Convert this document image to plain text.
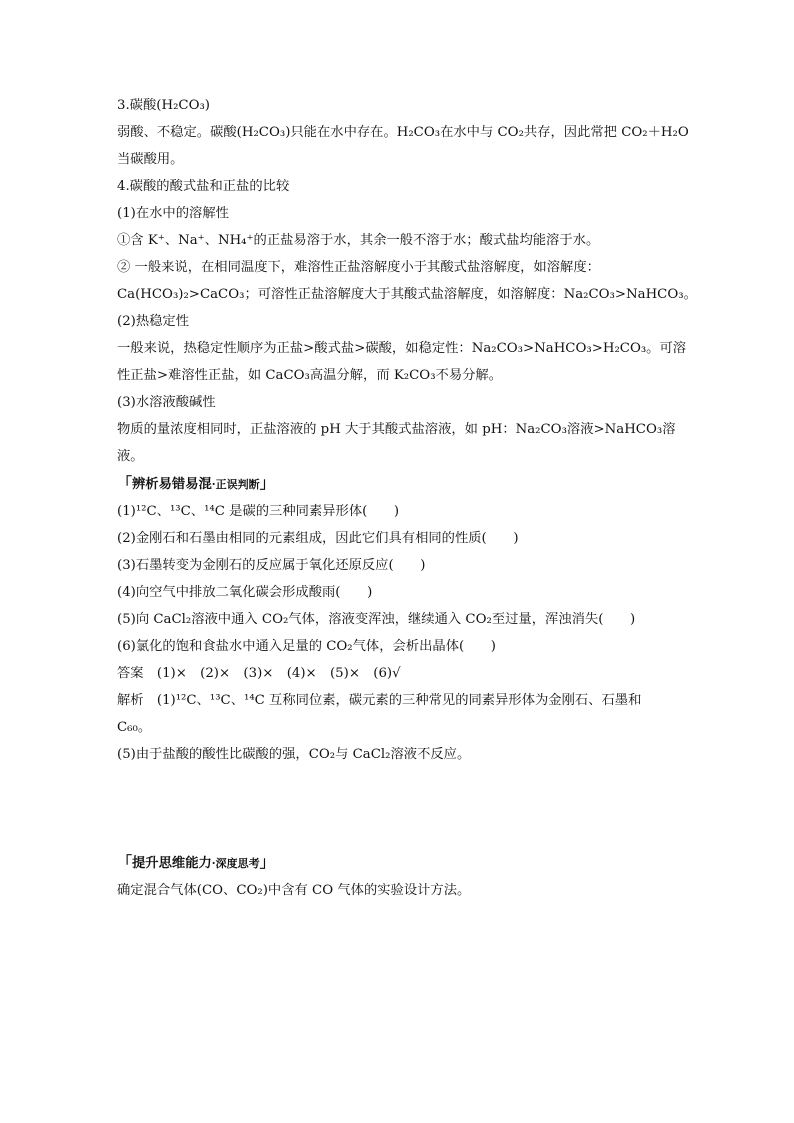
3.碳酸(H₂CO₃)
弱酸、不稳定。碳酸(H₂CO₃)只能在水中存在。H₂CO₃在水中与 CO₂共存，因此常把 CO₂＋H₂O
当碳酸用。
4.碳酸的酸式盐和正盐的比较
(1)在水中的溶解性
①含 K⁺、Na⁺、NH₄⁺的正盐易溶于水，其余一般不溶于水；酸式盐均能溶于水。
② 一般来说，在相同温度下，难溶性正盐溶解度小于其酸式盐溶解度，如溶解度：
Ca(HCO₃)₂>CaCO₃；可溶性正盐溶解度大于其酸式盐溶解度，如溶解度：Na₂CO₃>NaHCO₃。
(2)热稳定性
一般来说，热稳定性顺序为正盐>酸式盐>碳酸，如稳定性：Na₂CO₃>NaHCO₃>H₂CO₃。可溶
性正盐>难溶性正盐，如 CaCO₃高温分解，而 K₂CO₃不易分解。
(3)水溶液酸碱性
物质的量浓度相同时，正盐溶液的 pH 大于其酸式盐溶液，如 pH：Na₂CO₃溶液>NaHCO₃溶
液。
「辨析易错易混·正误判断」
(1)¹²C、¹³C、¹⁴C 是碳的三种同素异形体(　　)
(2)金刚石和石墨由相同的元素组成，因此它们具有相同的性质(　　)
(3)石墨转变为金刚石的反应属于氧化还原反应(　　)
(4)向空气中排放二氧化碳会形成酸雨(　　)
(5)向 CaCl₂溶液中通入 CO₂气体，溶液变浑浊，继续通入 CO₂至过量，浑浊消失(　　)
(6)氯化的饱和食盐水中通入足量的 CO₂气体，会析出晶体(　　)
答案　(1)×　(2)×　(3)×　(4)×　(5)×　(6)√
解析　(1)¹²C、¹³C、¹⁴C 互称同位素，碳元素的三种常见的同素异形体为金刚石、石墨和
C₆₀。
(5)由于盐酸的酸性比碳酸的强，CO₂与 CaCl₂溶液不反应。
「提升思维能力·深度思考」
确定混合气体(CO、CO₂)中含有 CO 气体的实验设计方法。
